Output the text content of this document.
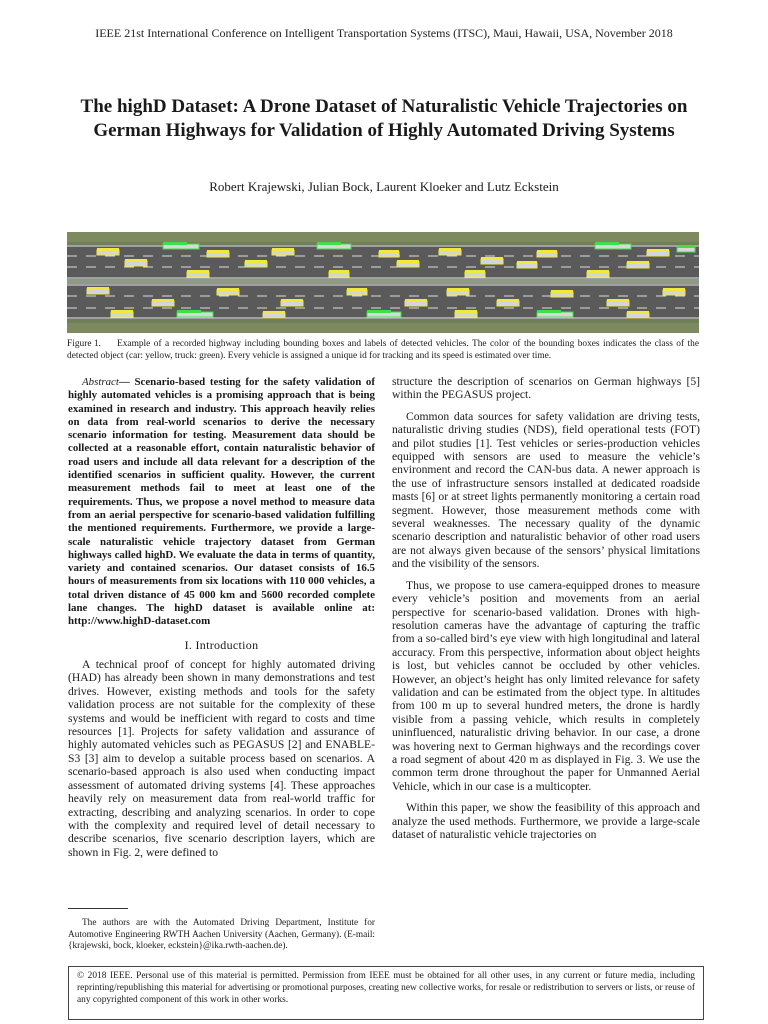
IEEE 21st International Conference on Intelligent Transportation Systems (ITSC), Maui, Hawaii, USA, November 2018
The highD Dataset: A Drone Dataset of Naturalistic Vehicle Trajectories on German Highways for Validation of Highly Automated Driving Systems
Robert Krajewski, Julian Bock, Laurent Kloeker and Lutz Eckstein
Figure 1. Example of a recorded highway including bounding boxes and labels of detected vehicles. The color of the bounding boxes indicates the class of the detected object (car: yellow, truck: green). Every vehicle is assigned a unique id for tracking and its speed is estimated over time.

Abstract— Scenario-based testing for the safety validation of highly automated vehicles is a promising approach that is being examined in research and industry. This approach heavily relies on data from real-world scenarios to derive the necessary scenario information for testing. Measurement data should be collected at a reasonable effort, contain naturalistic behavior of road users and include all data relevant for a description of the identified scenarios in sufficient quality. However, the current measurement methods fail to meet at least one of the requirements. Thus, we propose a novel method to measure data from an aerial perspective for scenario-based validation fulfilling the mentioned requirements. Furthermore, we provide a large-scale naturalistic vehicle trajectory dataset from German highways called highD. We evaluate the data in terms of quantity, variety and contained scenarios. Our dataset consists of 16.5 hours of measurements from six locations with 110 000 vehicles, a total driven distance of 45 000 km and 5600 recorded complete lane changes. The highD dataset is available online at: http://www.highD-dataset.com

I. Introduction

A technical proof of concept for highly automated driving (HAD) has already been shown in many demonstrations and test drives. However, existing methods and tools for the safety validation process are not suitable for the complexity of these systems and would be inefficient with regard to costs and time resources [1]. Projects for safety validation and assurance of highly automated vehicles such as PEGASUS [2] and ENABLE-S3 [3] aim to develop a suitable process based on scenarios. A scenario-based approach is also used when conducting impact assessment of automated driving systems [4]. These approaches heavily rely on measurement data from real-world traffic for extracting, describing and analyzing scenarios. In order to cope with the complexity and required level of detail necessary to describe scenarios, five scenario description layers, which are shown in Fig. 2, were defined to

structure the description of scenarios on German highways [5] within the PEGASUS project.

Common data sources for safety validation are driving tests, naturalistic driving studies (NDS), field operational tests (FOT) and pilot studies [1]. Test vehicles or series-production vehicles equipped with sensors are used to measure the vehicle’s environment and record the CAN-bus data. A newer approach is the use of infrastructure sensors installed at dedicated roadside masts [6] or at street lights permanently monitoring a certain road segment. However, those measurement methods come with several weaknesses. The necessary quality of the dynamic scenario description and naturalistic behavior of other road users are not always given because of the sensors’ physical limitations and the visibility of the sensors.

Thus, we propose to use camera-equipped drones to measure every vehicle’s position and movements from an aerial perspective for scenario-based validation. Drones with high-resolution cameras have the advantage of capturing the traffic from a so-called bird’s eye view with high longitudinal and lateral accuracy. From this perspective, information about object heights is lost, but vehicles cannot be occluded by other vehicles. However, an object’s height has only limited relevance for safety validation and can be estimated from the object type. In altitudes from 100 m up to several hundred meters, the drone is hardly visible from a passing vehicle, which results in completely uninfluenced, naturalistic driving behavior. In our case, a drone was hovering next to German highways and the recordings cover a road segment of about 420 m as displayed in Fig. 3. We use the common term drone throughout the paper for Unmanned Aerial Vehicle, which in our case is a multicopter.

Within this paper, we show the feasibility of this approach and analyze the used methods. Furthermore, we provide a large-scale dataset of naturalistic vehicle trajectories on

The authors are with the Automated Driving Department, Institute for Automotive Engineering RWTH Aachen University (Aachen, Germany). (E-mail: {krajewski, bock, kloeker, eckstein}@ika.rwth-aachen.de).
© 2018 IEEE. Personal use of this material is permitted. Permission from IEEE must be obtained for all other uses, in any current or future media, including reprinting/republishing this material for advertising or promotional purposes, creating new collective works, for resale or redistribution to servers or lists, or reuse of any copyrighted component of this work in other works.
